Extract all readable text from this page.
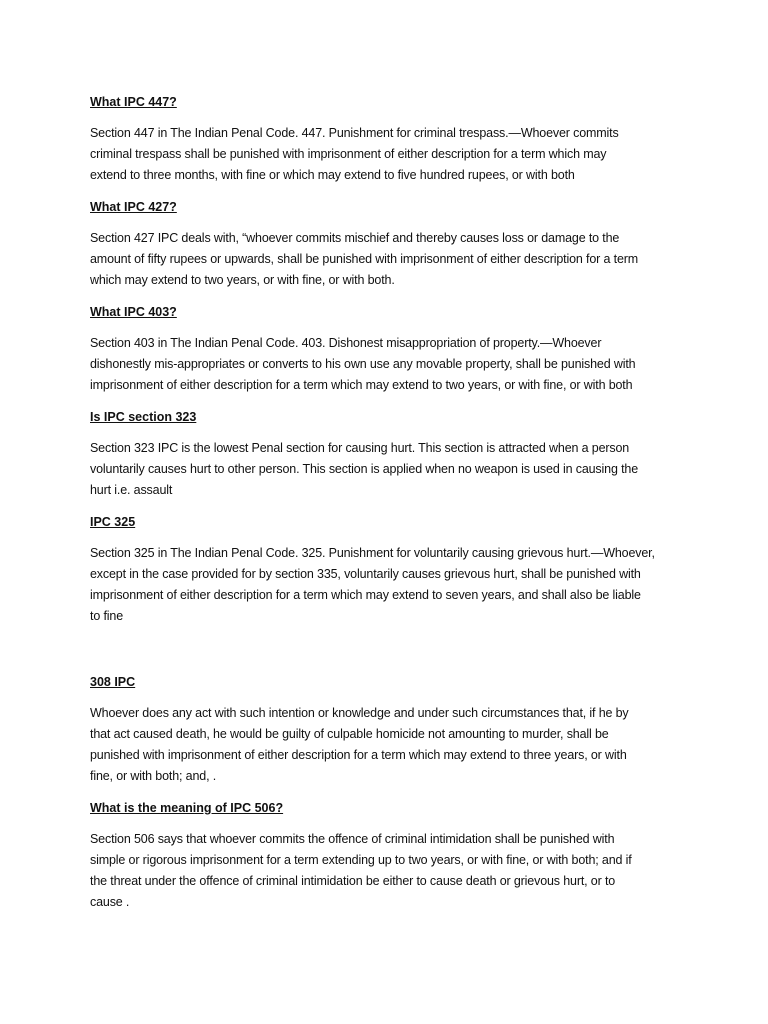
What IPC 447?
Section 447 in The Indian Penal Code. 447. Punishment for criminal trespass.—Whoever commits
criminal trespass shall be punished with imprisonment of either description for a term which may
extend to three months, with fine or which may extend to five hundred rupees, or with both
What IPC 427?
Section 427 IPC deals with, “whoever commits mischief and thereby causes loss or damage to the
amount of fifty rupees or upwards, shall be punished with imprisonment of either description for a term
which may extend to two years, or with fine, or with both.
What IPC 403?
Section 403 in The Indian Penal Code. 403. Dishonest misappropriation of property.—Whoever
dishonestly mis-appropriates or converts to his own use any movable property, shall be punished with
imprisonment of either description for a term which may extend to two years, or with fine, or with both
Is IPC section 323
Section 323 IPC is the lowest Penal section for causing hurt. This section is attracted when a person
voluntarily causes hurt to other person. This section is applied when no weapon is used in causing the
hurt i.e. assault
IPC 325
Section 325 in The Indian Penal Code. 325. Punishment for voluntarily causing grievous hurt.—Whoever,
except in the case provided for by section 335, voluntarily causes grievous hurt, shall be punished with
imprisonment of either description for a term which may extend to seven years, and shall also be liable
to fine
308 IPC
Whoever does any act with such intention or knowledge and under such circumstances that, if he by
that act caused death, he would be guilty of culpable homicide not amounting to murder, shall be
punished with imprisonment of either description for a term which may extend to three years, or with
fine, or with both; and, .
What is the meaning of IPC 506?
Section 506 says that whoever commits the offence of criminal intimidation shall be punished with
simple or rigorous imprisonment for a term extending up to two years, or with fine, or with both; and if
the threat under the offence of criminal intimidation be either to cause death or grievous hurt, or to
cause .
